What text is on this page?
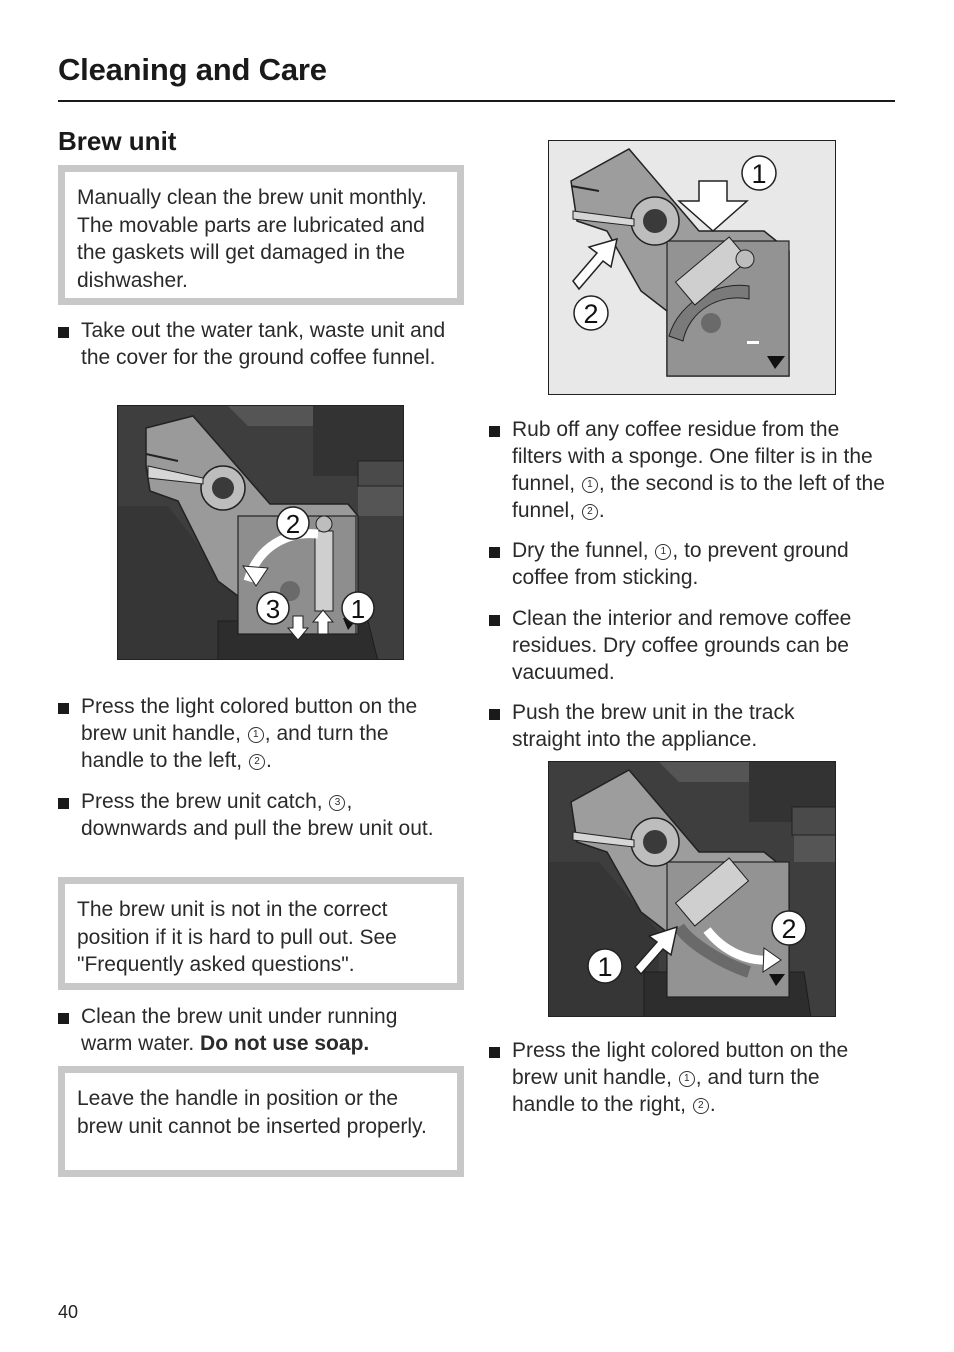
Cleaning and Care
Brew unit
Manually clean the brew unit monthly. The movable parts are lubricated and the gaskets will get damaged in the dishwasher.
Take out the water tank, waste unit and the cover for the ground coffee funnel.
2
3	1
Press the light colored button on the brew unit handle, 1 , and turn the handle to the left, 2 .
Press the brew unit catch, 3 , downwards and pull the brew unit out.
The brew unit is not in the correct position if it is hard to pull out. See "Frequently asked questions".
Clean the brew unit under running warm water. Do not use soap.
Leave the handle in position or the brew unit cannot be inserted properly.
1
2
Rub off any coffee residue from the filters with a sponge. One filter is in the funnel, 1 , the second is to the left of the funnel, 2 .
Dry the funnel, 1 , to prevent ground coffee from sticking.
Clean the interior and remove coffee residues. Dry coffee grounds can be vacuumed.
Push the brew unit in the track straight into the appliance.
2
1
Press the light colored button on the brew unit handle, 1 , and turn the handle to the right, 2 .
40
